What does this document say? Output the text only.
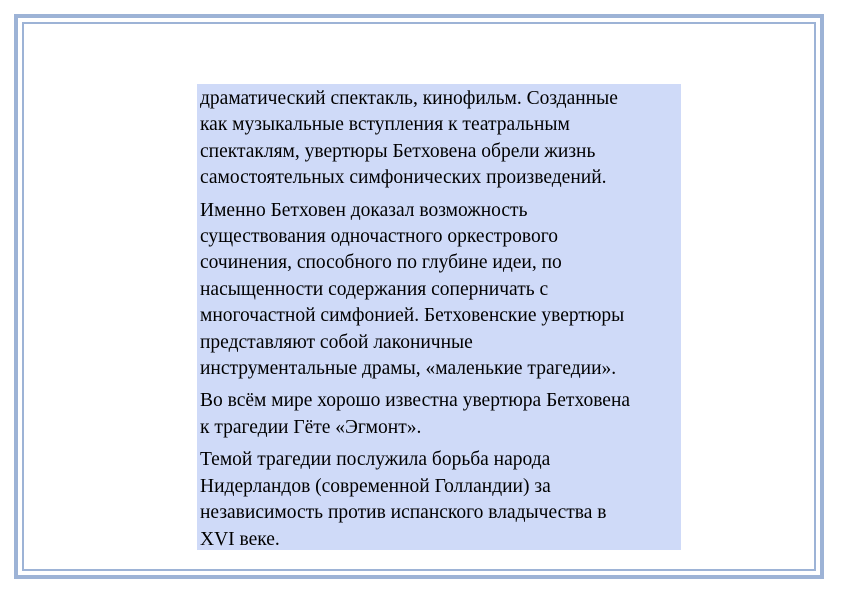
драматический спектакль, кинофильм. Созданные
как музыкальные вступления к театральным
спектаклям, увертюры Бетховена обрели жизнь
самостоятельных симфонических произведений.

Именно Бетховен доказал возможность
существования одночастного оркестрового
сочинения, способного по глубине идеи, по
насыщенности содержания соперничать с
многочастной симфонией. Бетховенские увертюры
представляют собой лаконичные
инструментальные драмы, «маленькие трагедии».

Во всём мире хорошо известна увертюра Бетховена
к трагедии Гёте «Эгмонт».

Темой трагедии послужила борьба народа
Нидерландов (современной Голландии) за
независимость против испанского владычества в
XVI веке.
